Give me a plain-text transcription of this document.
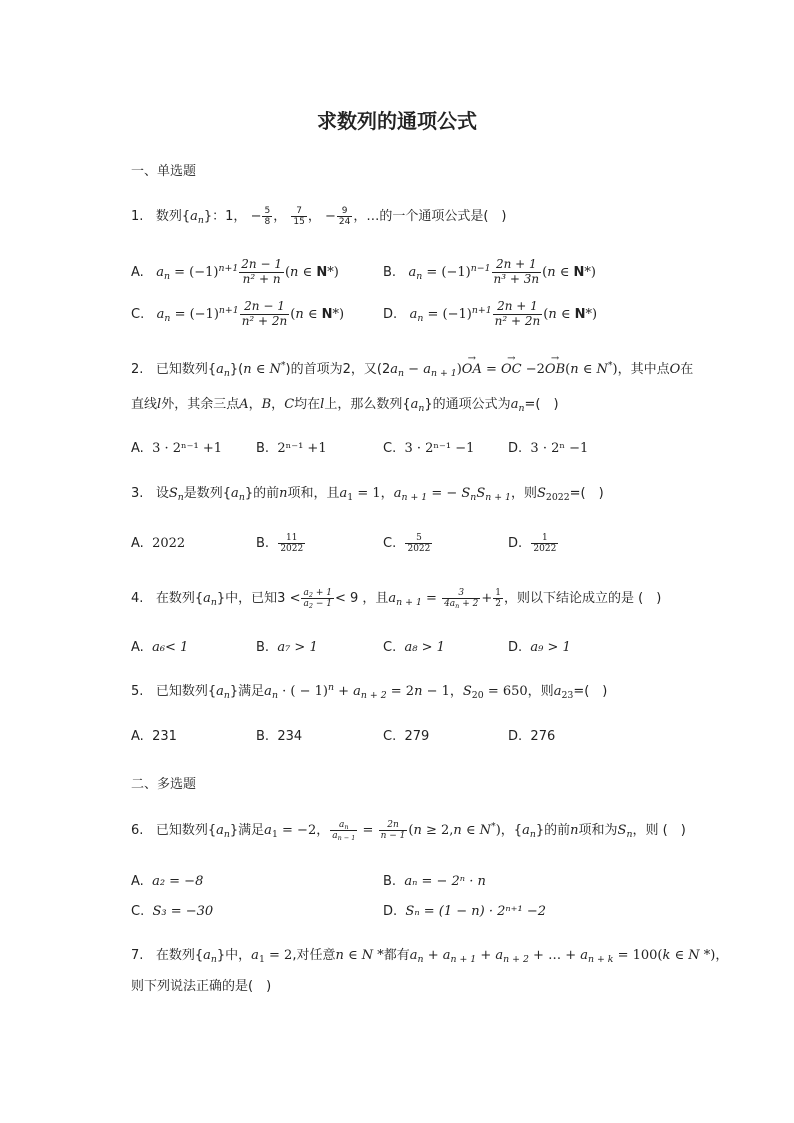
求数列的通项公式
一、单选题
1. 数列$\{a_n\}$：1， − $\frac{5}{8}$ ， $\frac{7}{15}$ ， − $\frac{9}{24}$ ，…的一个通项公式是(　)
A. $a_n = (-1)^{n+1} \frac{2n - 1}{\text{n² + n}} (n$ ∈ N*)	B. $a_n = (-1)^{n-1} \frac{2n + 1}{\text{n³ + 3n}} (n$ ∈ N*)
C. $a_n = (-1)^{n+1} \frac{2n - 1}{\text{n² + 2n}} (n$ ∈ N*)	D. $a_n = (-1)^{n+1} \frac{2n + 1}{\text{n² + 2n}} (n$ ∈ N*)
2. 已知数列$\{a_n\}(n$ ∈ N*)的首项为2，又$(2a_n - a_{n + 1})\to$ OA = → OC −2→ OB(n ∈ N*)，其中点O在
直线l外，其余三点A，B，C均在l上，那么数列$\{a_n\}$的通项公式为$a_n=$(　)
A. 3 · 2ⁿ⁻¹ +1	B. 2ⁿ⁻¹ +1	C. 3 · 2ⁿ⁻¹ −1	D. 3 · 2ⁿ −1
3. 设$S_n$是数列$\{a_n\}$的前n项和，且$a_1 = 1$，$a_{n + 1}$ = − $S_nS_{n + 1}$，则$S_{2022}=$(　)
A. 2022	B. $\frac{11}{2022}$	C. $\frac{5}{2022}$	D. $\frac{1}{2022}$
4. 在数列$\{a_n\}$中，已知$3 < \frac{a_2 + 1}{a_2 - 1} < 9$ ，且$a_{n + 1} = \frac{3}{4a_n + 2} + \frac{1}{2}$ ，则以下结论成立的是 (　)
A. a₆< 1	B. a₇ > 1	C. a₈ > 1	D. a₉ > 1
5. 已知数列$\{a_n\}$满足$a_n$ · ( − $1)^n + a_{n + 2} = 2n - 1$，$S_{20} = 650$，则$a_{23}=$(　)
A. 231	B. 234	C. 279	D. 276
二、多选题
6. 已知数列$\{a_n\}$满足$a_1 = -2$， $\frac{a_n}{a_{n - 1}} = \frac{2n}{n - 1} (n \ge 2,n$ ∈ N*)，$\{a_n\}$的前n项和为$S_n$，则 (　)
A. a₂ = −8	B. aₙ = − 2ⁿ · n
C. S₃ = −30	D. Sₙ = (1 − n) · 2ⁿ⁺¹ −2
7. 在数列$\{a_n\}$中，$a_1 = 2$,对任意n ∈ N *都有$a_n + a_{n + 1} + a_{n + 2}$ + … + $a_{n + k} = 100(k$ ∈ N *)，
则下列说法正确的是(　)
